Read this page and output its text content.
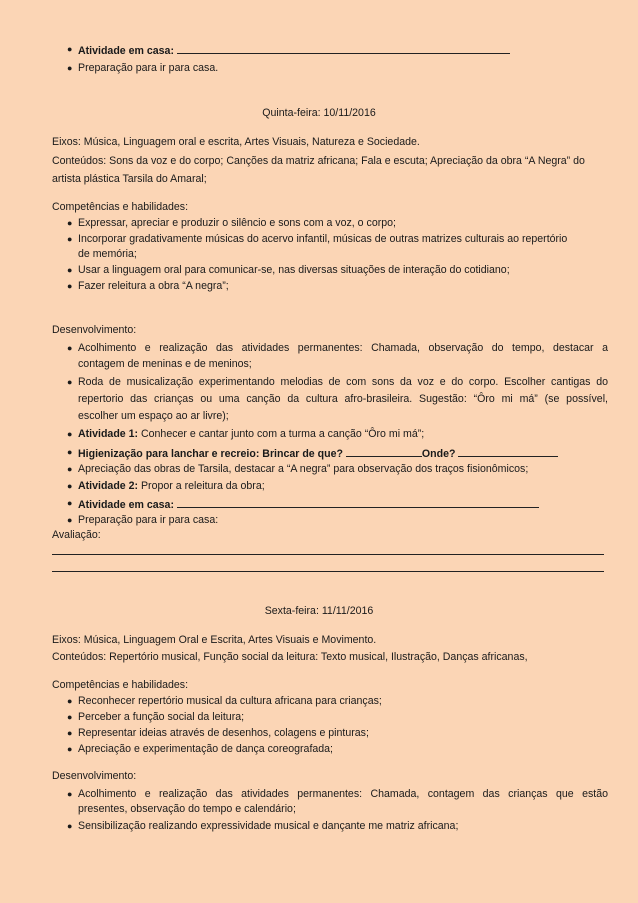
● Atividade em casa:
● Preparação para ir para casa.
Quinta-feira: 10/11/2016
Eixos: Música, Linguagem oral e escrita, Artes Visuais, Natureza e Sociedade.
Conteúdos: Sons da voz e do corpo; Canções da matriz africana; Fala e escuta; Apreciação da obra “A Negra” do
artista plástica Tarsila do Amaral;
Competências e habilidades:
● Expressar, apreciar e produzir o silêncio e sons com a voz, o corpo;
● Incorporar gradativamente músicas do acervo infantil, músicas de outras matrizes culturais ao repertório
de memória;
● Usar a linguagem oral para comunicar-se, nas diversas situações de interação do cotidiano;
● Fazer releitura a obra “A negra”;
Desenvolvimento:
● Acolhimento e realização das atividades permanentes: Chamada, observação do tempo, destacar a
contagem de meninas e de meninos;
● Roda de musicalização experimentando melodias de com sons da voz e do corpo. Escolher cantigas do
repertorio das crianças ou uma canção da cultura afro-brasileira. Sugestão: “Ôro mi má” (se possível,
escolher um espaço ao ar livre);
● Atividade 1: Conhecer e cantar junto com a turma a canção “Ôro mi má”;
● Higienização para lanchar e recreio: Brincar de que?	Onde?
● Apreciação das obras de Tarsila, destacar a “A negra” para observação dos traços fisionômicos;
● Atividade 2: Propor a releitura da obra;
● Atividade em casa:
● Preparação para ir para casa:
Avaliação:
Sexta-feira: 11/11/2016
Eixos: Música, Linguagem Oral e Escrita, Artes Visuais e Movimento.
Conteúdos: Repertório musical, Função social da leitura: Texto musical, Ilustração, Danças africanas,
Competências e habilidades:
● Reconhecer repertório musical da cultura africana para crianças;
● Perceber a função social da leitura;
● Representar ideias através de desenhos, colagens e pinturas;
● Apreciação e experimentação de dança coreografada;
Desenvolvimento:
● Acolhimento e realização das atividades permanentes: Chamada, contagem das crianças que estão
presentes, observação do tempo e calendário;
● Sensibilização realizando expressividade musical e dançante me matriz africana;
